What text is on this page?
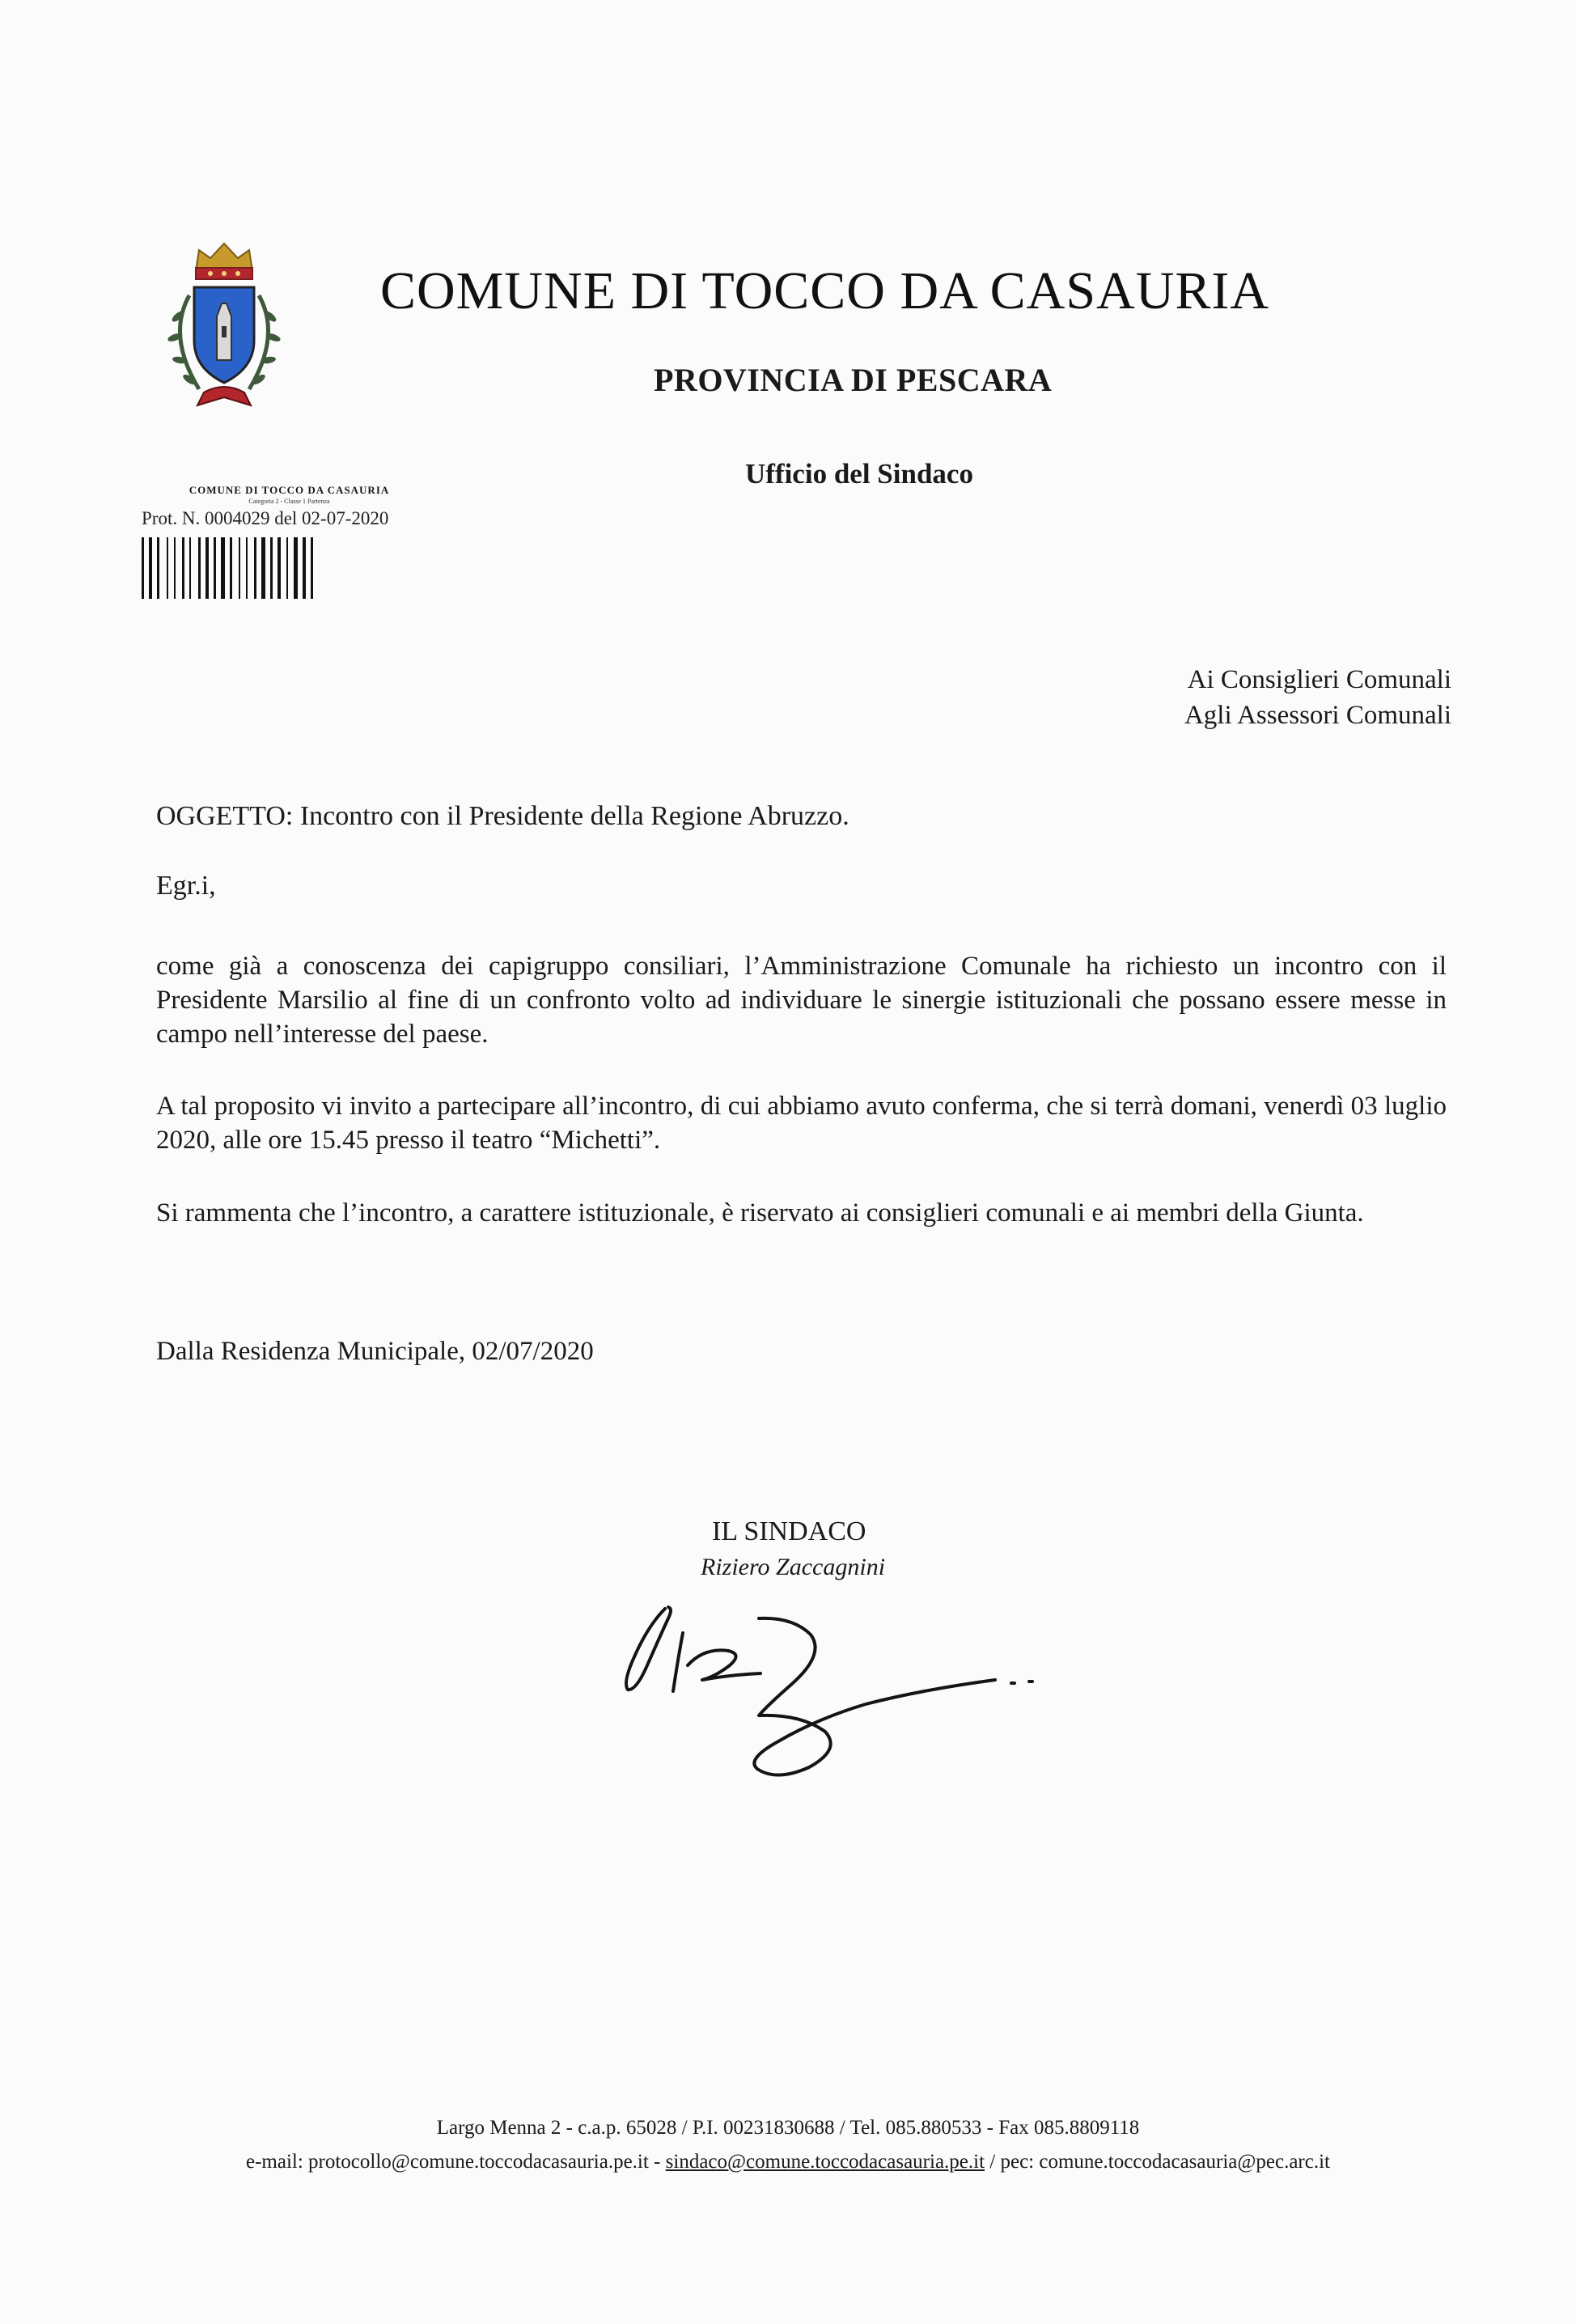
COMUNE DI TOCCO DA CASAURIA

PROVINCIA DI PESCARA

Ufficio del Sindaco

COMUNE DI TOCCO DA CASAURIA
Categoria 2 - Classe 1 Partenza
Prot. N. 0004029 del 02-07-2020
Ai Consiglieri Comunali
Agli Assessori Comunali

OGGETTO: Incontro con il Presidente della Regione Abruzzo.

Egr.i,

come già a conoscenza dei capigruppo consiliari, l’Amministrazione Comunale ha richiesto un incontro con il Presidente Marsilio al fine di un confronto volto ad individuare le sinergie istituzionali che possano essere messe in campo nell’interesse del paese.

A tal proposito vi invito a partecipare all’incontro, di cui abbiamo avuto conferma, che si terrà domani, venerdì 03 luglio 2020, alle ore 15.45 presso il teatro “Michetti”.

Si rammenta che l’incontro, a carattere istituzionale, è riservato ai consiglieri comunali e ai membri della Giunta.

Dalla Residenza Municipale, 02/07/2020

IL SINDACO

Riziero Zaccagnini

Largo Menna 2 - c.a.p. 65028 / P.I. 00231830688 / Tel. 085.880533 - Fax 085.8809118

e-mail: protocollo@comune.toccodacasauria.pe.it - sindaco@comune.toccodacasauria.pe.it / pec: comune.toccodacasauria@pec.arc.it
